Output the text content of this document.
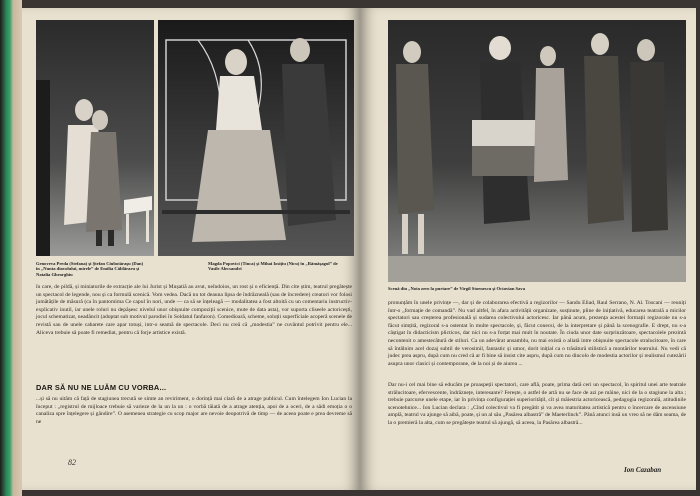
Genoveva Preda (Stefana) și Ştefan Ciubotărașu (Dan) în „Nunta diavolului, mirele” de Emilia Căldăraru și Natalia Gheorghiu
Magda Popovici (Tinca) și Mihai Iosițiu (Nicu) în „Rămășagul” de Vasile Alecsandri
în care, de pildă, și miniaturile de extracție ale lui Jurist și Mușatiă au avut, neîndoios, un rost și o eficiență. Din cite știm, teatrul pregătește un spectacol de legende, nou și ca formulă scenică. Vom vedea. Dacă nu tot deauna lipsa de îndrăzneală (sau de încredere) creatori vor folosi jumătățile de măsură (ca în pantomima Ce capul în nori, unde — ca să se înțeleagă — modalitatea a fost altoită cu un comentariu instructiv-explicativ inutil, iar unele roluri nu depășesc nivelul unor obișnuite compoziții scenice, mute de data asta), vor suporta cliseele actoricești, jocul schematizat, neadâncit (adoptat sub motivul parodiei în Soldatul fanfaron). Comedioară, scheme, soluții superficiale acoperă scenele de revistă sau de unele cabarete care apar totuși, intr-o seamă de spectacole. Deci nu creă că „modestia” ne cuvântul potrivit pentru ele... Aliceva trebuie să poate fi remediat, pentru că forje artistice există.
DAR SĂ NU NE LUĂM CU VORBA...
...și să nu uităm că față de stagiunea trecută se simte an reviriment, o dorință mai clară de a atrage publicul. Cum întelegem Ion Lucian la început : „registrul de mijloace trebuie să varieze de la un la un : o vorbă tăiată de a atrage atenția, apoi de a oceri, de a sădi emoția o o canaliza spre înțelegere și gândire”. O asemenea strategie cu scop major are nevoie deopotrivă de timp — de aceea poate e prea devreme să ne
82
Scenă din „Nota zero la purtare” de Virgil Stoenescu și Octavian Sava
pronunțăm în unele privințe —, dar și de colaborarea efectivă a regizorilor — Sandu Eliad, Raul Serrano, N. Al. Toscani — reuniți într-o „formație de comandă”. Nu vad altfel, în afara activității organizate, susținute, pline de inițiativă, educarea teatrală a micilor spectatori sau creșterea profesională și sudarea colectivului actoricesc. Iar până acum, prezența acestei formații regizorale nu s-a făcut simțită, regizoral s-a ostentat în multe spectacole, și, făcut conecsi, de la interpretare și până la scenografie. E drept, nu s-a câștigat în didacticism plicticos, dar nici nu s-a forțat mai mult în noutate. În ciuda unor date surprinzătoare, spectacolele prezintă necontenit o amestecătură de stiluri. Ca un adevărat ansamblu, nu mai există o aliată intre obișnuite spectacole stralucitoare, în care să întâlnim acel dozaj subtil de verosimil, fantastic și umor, dorit inițial ca o trăsătură stilistică a montărilor teatrului. Nu vedi că judec prea aspru, după cum nu cred că ar fi bine să insist cite aspru, după cum nu dincolo de modestia actorilor și realismul cutezării asupra unor clasici și contemporane, de la noi și de aiurea ...
Dar nu-i cel mai bine să educăm pe proaspeții spectatori, care află, poate, prima dată ceri un spectacol, în spiritul unei arte teatrale strălucitoare, efervescente, îndrăznețe, interesante? Ferește, o astfel de artă nu se face de azi pe mâine, nici de la o stagiune la alta ; trebuie parcurse unele etape, iar în privința configurației superioritățil, cît și măiestria actoricească, pedagogia regizorală, atitudinile scenotehnice... Ion Lucian declara : „Cînd colectivul va fi pregătit și va avea maturitatea artistică pentru o încercare de ascensiune amplă, teatrul va ajunge să aibă, poate, și un al său „Pasărea albastră” de Maeterlinck”. Până atunci insă un vreo să ne dăm seama, de la o premieră la alta, cum se pregătește teatrul să ajungă, să aceea, la Pasărea albastră...
Ion Cazaban
